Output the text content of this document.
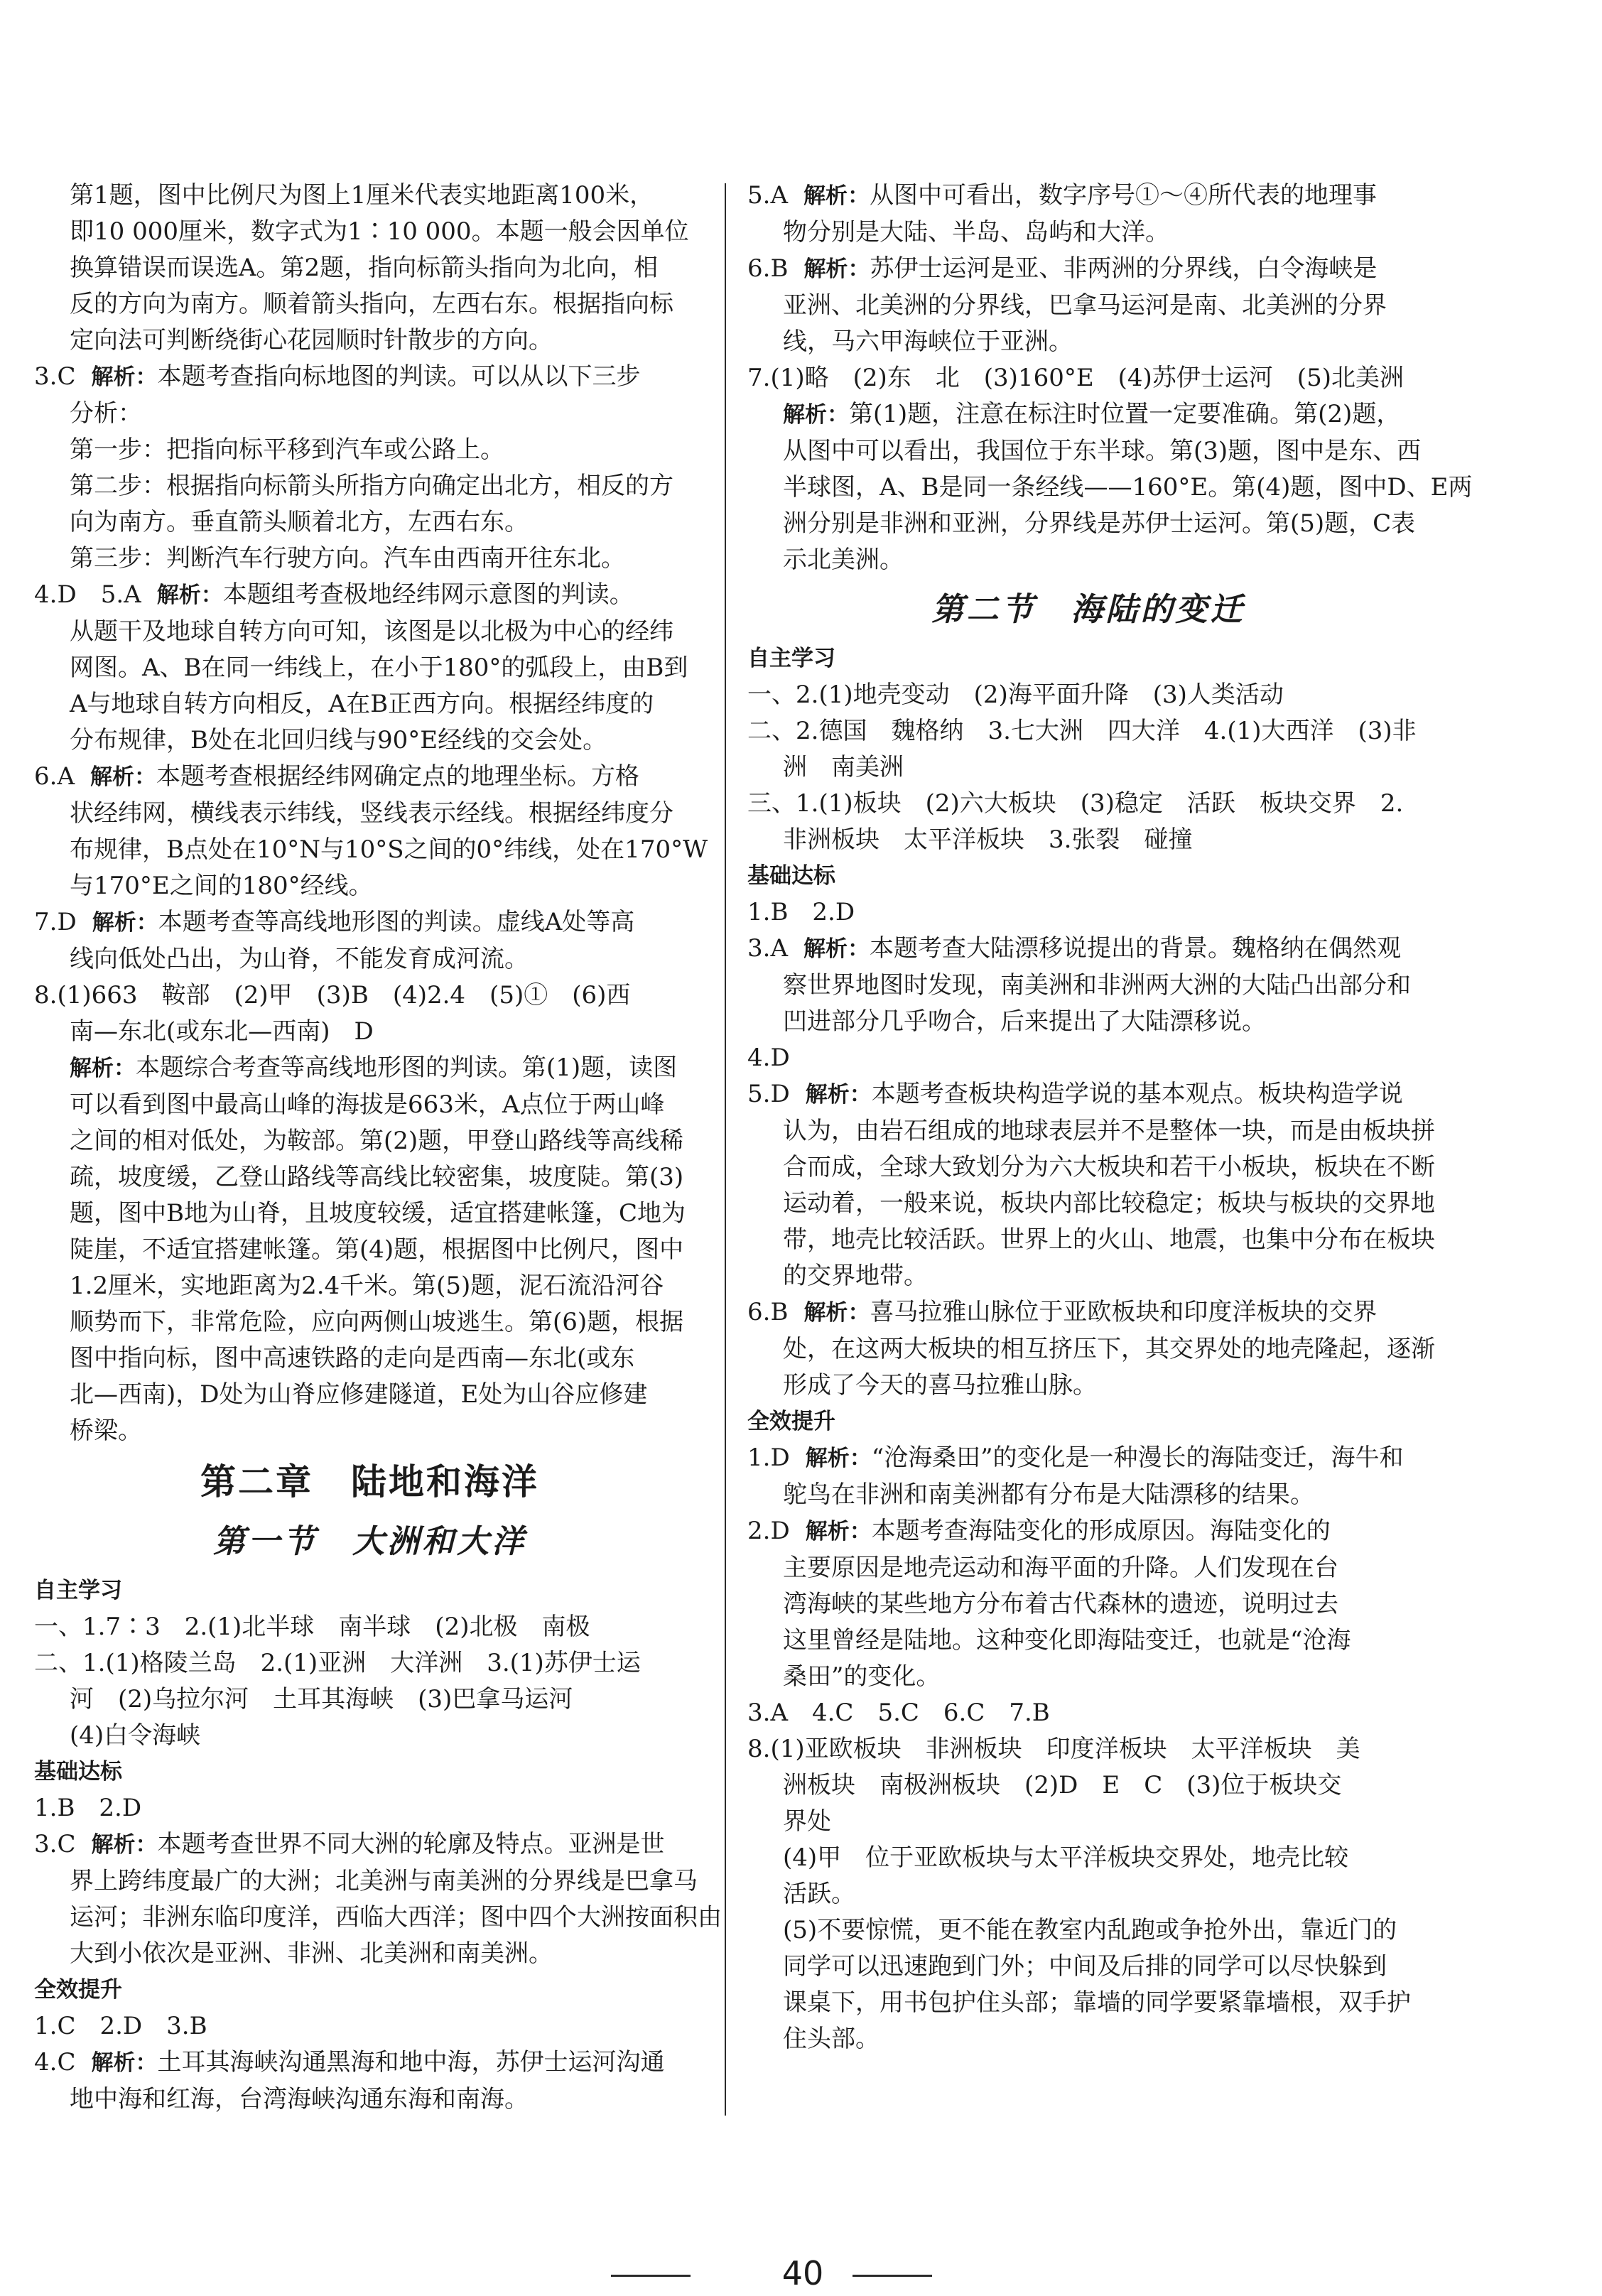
第1题，图中比例尺为图上1厘米代表实地距离100米，
即10 000厘米，数字式为1∶10 000。本题一般会因单位
换算错误而误选A。第2题，指向标箭头指向为北向，相
反的方向为南方。顺着箭头指向，左西右东。根据指向标
定向法可判断绕街心花园顺时针散步的方向。
3.C 解析：本题考查指向标地图的判读。可以从以下三步
分析：
第一步：把指向标平移到汽车或公路上。
第二步：根据指向标箭头所指方向确定出北方，相反的方
向为南方。垂直箭头顺着北方，左西右东。
第三步：判断汽车行驶方向。汽车由西南开往东北。
4.D　5.A 解析：本题组考查极地经纬网示意图的判读。
从题干及地球自转方向可知，该图是以北极为中心的经纬
网图。A、B在同一纬线上，在小于180°的弧段上，由B到
A与地球自转方向相反，A在B正西方向。根据经纬度的
分布规律，B处在北回归线与90°E经线的交会处。
6.A 解析：本题考查根据经纬网确定点的地理坐标。方格
状经纬网，横线表示纬线，竖线表示经线。根据经纬度分
布规律，B点处在10°N与10°S之间的0°纬线，处在170°W
与170°E之间的180°经线。
7.D 解析：本题考查等高线地形图的判读。虚线A处等高
线向低处凸出，为山脊，不能发育成河流。
8.(1)663　鞍部　(2)甲　(3)B　(4)2.4　(5)①　(6)西
南—东北(或东北—西南)　D
解析：本题综合考查等高线地形图的判读。第(1)题，读图
可以看到图中最高山峰的海拔是663米，A点位于两山峰
之间的相对低处，为鞍部。第(2)题，甲登山路线等高线稀
疏，坡度缓，乙登山路线等高线比较密集，坡度陡。第(3)
题，图中B地为山脊，且坡度较缓，适宜搭建帐篷，C地为
陡崖，不适宜搭建帐篷。第(4)题，根据图中比例尺，图中
1.2厘米，实地距离为2.4千米。第(5)题，泥石流沿河谷
顺势而下，非常危险，应向两侧山坡逃生。第(6)题，根据
图中指向标，图中高速铁路的走向是西南—东北(或东
北—西南)，D处为山脊应修建隧道，E处为山谷应修建
桥梁。
第二章　陆地和海洋
第一节　大洲和大洋
自主学习
一、1.7∶3　2.(1)北半球　南半球　(2)北极　南极
二、1.(1)格陵兰岛　2.(1)亚洲　大洋洲　3.(1)苏伊士运
河　(2)乌拉尔河　土耳其海峡　(3)巴拿马运河
(4)白令海峡
基础达标
1.B　2.D
3.C 解析：本题考查世界不同大洲的轮廓及特点。亚洲是世
界上跨纬度最广的大洲；北美洲与南美洲的分界线是巴拿马
运河；非洲东临印度洋，西临大西洋；图中四个大洲按面积由
大到小依次是亚洲、非洲、北美洲和南美洲。
全效提升
1.C　2.D　3.B
4.C 解析：土耳其海峡沟通黑海和地中海，苏伊士运河沟通
地中海和红海，台湾海峡沟通东海和南海。
5.A 解析：从图中可看出，数字序号①～④所代表的地理事
物分别是大陆、半岛、岛屿和大洋。
6.B 解析：苏伊士运河是亚、非两洲的分界线，白令海峡是
亚洲、北美洲的分界线，巴拿马运河是南、北美洲的分界
线，马六甲海峡位于亚洲。
7.(1)略　(2)东　北　(3)160°E　(4)苏伊士运河　(5)北美洲
解析：第(1)题，注意在标注时位置一定要准确。第(2)题，
从图中可以看出，我国位于东半球。第(3)题，图中是东、西
半球图，A、B是同一条经线——160°E。第(4)题，图中D、E两
洲分别是非洲和亚洲，分界线是苏伊士运河。第(5)题，C表
示北美洲。
第二节　海陆的变迁
自主学习
一、2.(1)地壳变动　(2)海平面升降　(3)人类活动
二、2.德国　魏格纳　3.七大洲　四大洋　4.(1)大西洋　(3)非
洲　南美洲
三、1.(1)板块　(2)六大板块　(3)稳定　活跃　板块交界　2.
非洲板块　太平洋板块　3.张裂　碰撞
基础达标
1.B　2.D
3.A 解析：本题考查大陆漂移说提出的背景。魏格纳在偶然观
察世界地图时发现，南美洲和非洲两大洲的大陆凸出部分和
凹进部分几乎吻合，后来提出了大陆漂移说。
4.D
5.D 解析：本题考查板块构造学说的基本观点。板块构造学说
认为，由岩石组成的地球表层并不是整体一块，而是由板块拼
合而成，全球大致划分为六大板块和若干小板块，板块在不断
运动着，一般来说，板块内部比较稳定；板块与板块的交界地
带，地壳比较活跃。世界上的火山、地震，也集中分布在板块
的交界地带。
6.B 解析：喜马拉雅山脉位于亚欧板块和印度洋板块的交界
处，在这两大板块的相互挤压下，其交界处的地壳隆起，逐渐
形成了今天的喜马拉雅山脉。
全效提升
1.D 解析：“沧海桑田”的变化是一种漫长的海陆变迁，海牛和
鸵鸟在非洲和南美洲都有分布是大陆漂移的结果。
2.D 解析：本题考查海陆变化的形成原因。海陆变化的
主要原因是地壳运动和海平面的升降。人们发现在台
湾海峡的某些地方分布着古代森林的遗迹，说明过去
这里曾经是陆地。这种变化即海陆变迁，也就是“沧海
桑田”的变化。
3.A　4.C　5.C　6.C　7.B
8.(1)亚欧板块　非洲板块　印度洋板块　太平洋板块　美
洲板块　南极洲板块　(2)D　E　C　(3)位于板块交
界处
(4)甲　位于亚欧板块与太平洋板块交界处，地壳比较
活跃。
(5)不要惊慌，更不能在教室内乱跑或争抢外出，靠近门的
同学可以迅速跑到门外；中间及后排的同学可以尽快躲到
课桌下，用书包护住头部；靠墙的同学要紧靠墙根，双手护
住头部。
40
